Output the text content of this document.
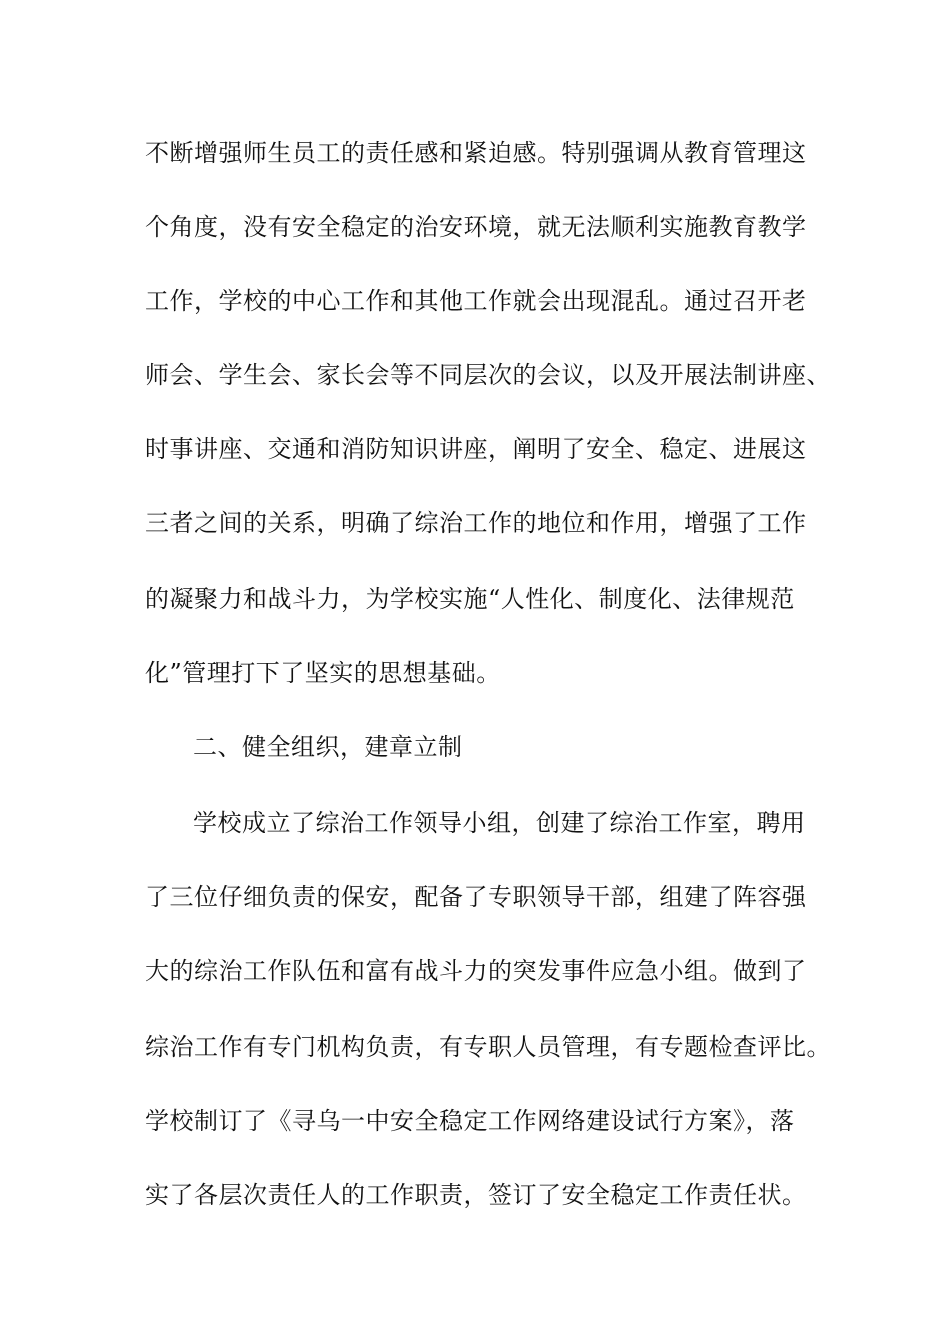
不断增强师生员工的责任感和紧迫感。特别强调从教育管理这
个角度，没有安全稳定的治安环境，就无法顺利实施教育教学
工作，学校的中心工作和其他工作就会出现混乱。通过召开老
师会、学生会、家长会等不同层次的会议，以及开展法制讲座、
时事讲座、交通和消防知识讲座，阐明了安全、稳定、进展这
三者之间的关系，明确了综治工作的地位和作用，增强了工作
的凝聚力和战斗力，为学校实施“人性化、制度化、法律规范
化”管理打下了坚实的思想基础。
二、健全组织，建章立制
学校成立了综治工作领导小组，创建了综治工作室，聘用
了三位仔细负责的保安，配备了专职领导干部，组建了阵容强
大的综治工作队伍和富有战斗力的突发事件应急小组。做到了
综治工作有专门机构负责，有专职人员管理，有专题检查评比。
学校制订了《寻乌一中安全稳定工作网络建设试行方案》，落
实了各层次责任人的工作职责，签订了安全稳定工作责任状。
